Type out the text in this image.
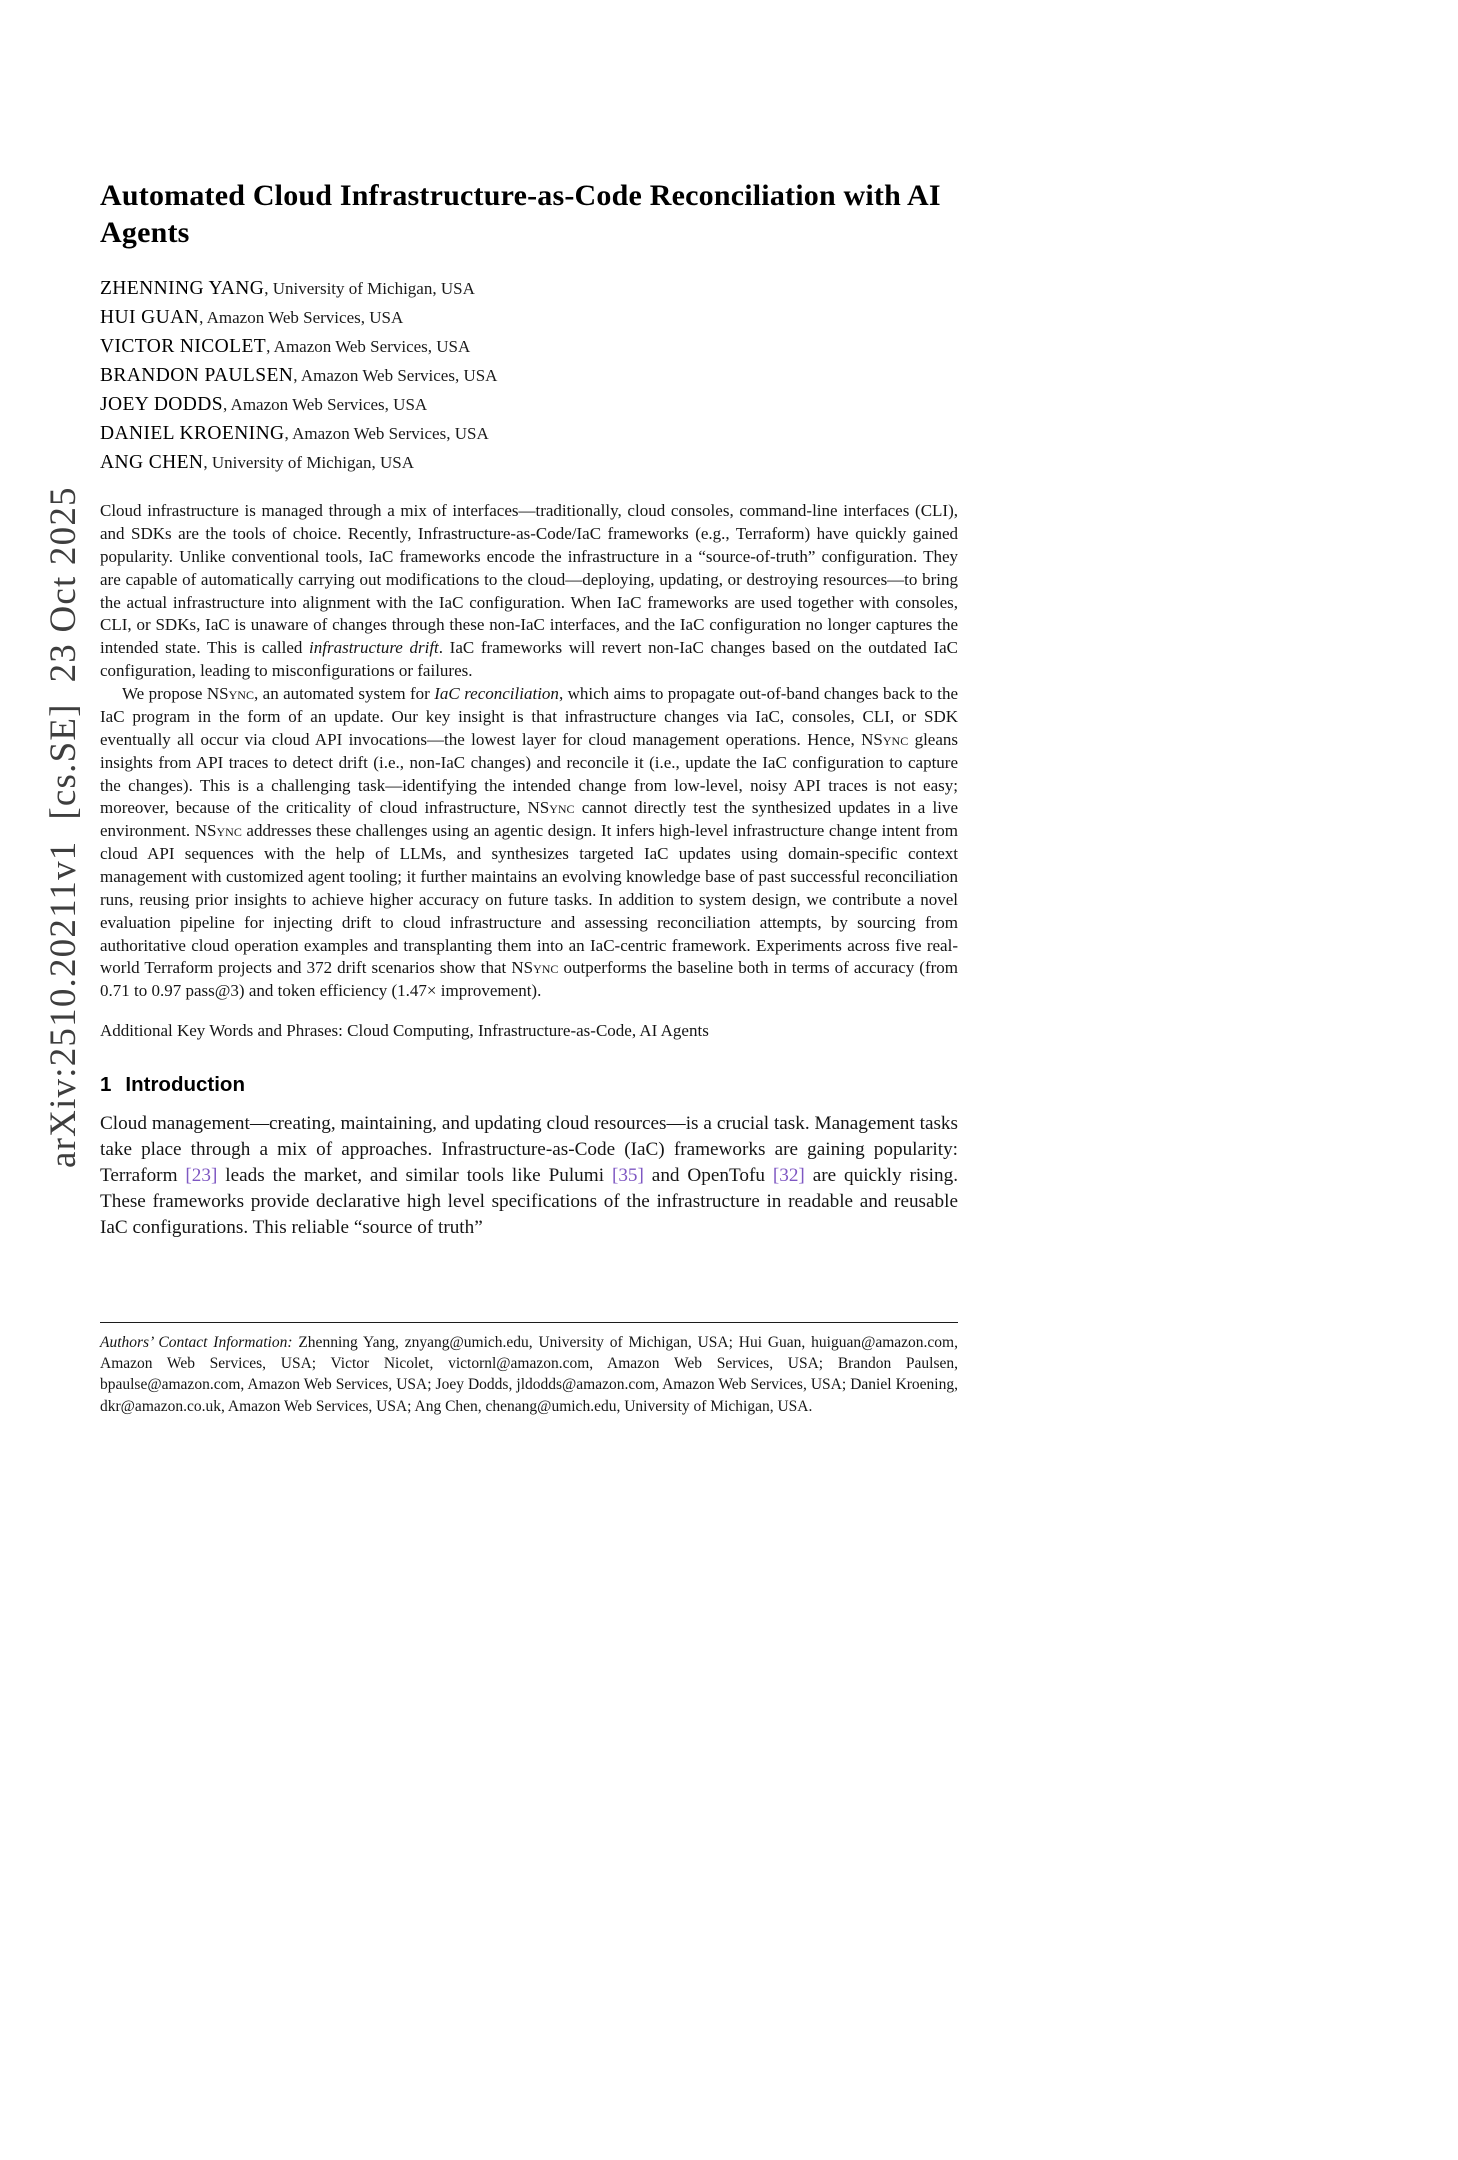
arXiv:2510.20211v1  [cs.SE]  23 Oct 2025
Automated Cloud Infrastructure-as-Code Reconciliation with AI Agents
ZHENNING YANG, University of Michigan, USA
HUI GUAN, Amazon Web Services, USA
VICTOR NICOLET, Amazon Web Services, USA
BRANDON PAULSEN, Amazon Web Services, USA
JOEY DODDS, Amazon Web Services, USA
DANIEL KROENING, Amazon Web Services, USA
ANG CHEN, University of Michigan, USA

Cloud infrastructure is managed through a mix of interfaces—traditionally, cloud consoles, command-line interfaces (CLI), and SDKs are the tools of choice. Recently, Infrastructure-as-Code/IaC frameworks (e.g., Terraform) have quickly gained popularity. Unlike conventional tools, IaC frameworks encode the infrastructure in a “source-of-truth” configuration. They are capable of automatically carrying out modifications to the cloud—deploying, updating, or destroying resources—to bring the actual infrastructure into alignment with the IaC configuration. When IaC frameworks are used together with consoles, CLI, or SDKs, IaC is unaware of changes through these non-IaC interfaces, and the IaC configuration no longer captures the intended state. This is called infrastructure drift. IaC frameworks will revert non-IaC changes based on the outdated IaC configuration, leading to misconfigurations or failures.

We propose NSync, an automated system for IaC reconciliation, which aims to propagate out-of-band changes back to the IaC program in the form of an update. Our key insight is that infrastructure changes via IaC, consoles, CLI, or SDK eventually all occur via cloud API invocations—the lowest layer for cloud management operations. Hence, NSync gleans insights from API traces to detect drift (i.e., non-IaC changes) and reconcile it (i.e., update the IaC configuration to capture the changes). This is a challenging task—identifying the intended change from low-level, noisy API traces is not easy; moreover, because of the criticality of cloud infrastructure, NSync cannot directly test the synthesized updates in a live environment. NSync addresses these challenges using an agentic design. It infers high-level infrastructure change intent from cloud API sequences with the help of LLMs, and synthesizes targeted IaC updates using domain-specific context management with customized agent tooling; it further maintains an evolving knowledge base of past successful reconciliation runs, reusing prior insights to achieve higher accuracy on future tasks. In addition to system design, we contribute a novel evaluation pipeline for injecting drift to cloud infrastructure and assessing reconciliation attempts, by sourcing from authoritative cloud operation examples and transplanting them into an IaC-centric framework. Experiments across five real-world Terraform projects and 372 drift scenarios show that NSync outperforms the baseline both in terms of accuracy (from 0.71 to 0.97 pass@3) and token efficiency (1.47× improvement).

Additional Key Words and Phrases: Cloud Computing, Infrastructure-as-Code, AI Agents

1 Introduction

Cloud management—creating, maintaining, and updating cloud resources—is a crucial task. Management tasks take place through a mix of approaches. Infrastructure-as-Code (IaC) frameworks are gaining popularity: Terraform [23] leads the market, and similar tools like Pulumi [35] and OpenTofu [32] are quickly rising. These frameworks provide declarative high level specifications of the infrastructure in readable and reusable IaC configurations. This reliable “source of truth”

Authors’ Contact Information: Zhenning Yang, znyang@umich.edu, University of Michigan, USA; Hui Guan, huiguan@amazon.com, Amazon Web Services, USA; Victor Nicolet, victornl@amazon.com, Amazon Web Services, USA; Brandon Paulsen, bpaulse@amazon.com, Amazon Web Services, USA; Joey Dodds, jldodds@amazon.com, Amazon Web Services, USA; Daniel Kroening, dkr@amazon.co.uk, Amazon Web Services, USA; Ang Chen, chenang@umich.edu, University of Michigan, USA.
